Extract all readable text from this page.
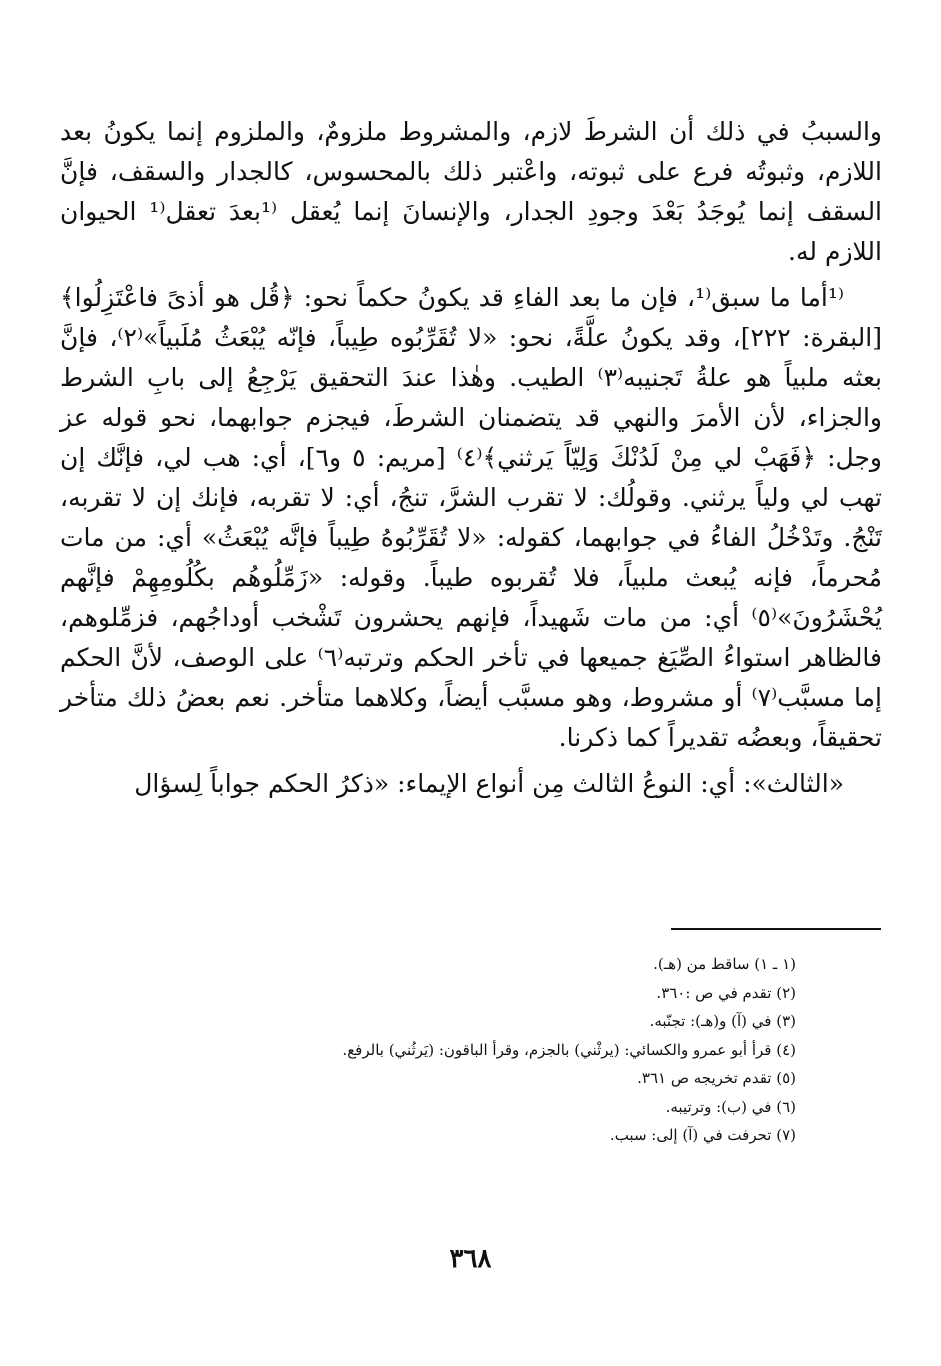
والسببُ في ذلك أن الشرطَ لازم، والمشروط ملزومٌ، والملزوم إنما يكونُ بعد اللازم، وثبوتُه فرع على ثبوته، واعْتبر ذلك بالمحسوس، كالجدار والسقف، فإنَّ السقف إنما يُوجَدُ بَعْدَ وجودِ الجدار، والإنسانَ إنما يُعقل ⁽¹بعدَ تعقل⁽¹ الحيوان اللازم له.

⁽¹أما ما سبق⁽¹، فإن ما بعد الفاءِ قد يكونُ حكماً نحو: ﴿قُل هو أذىً فاعْتَزِلُوا﴾ [البقرة: ٢٢٢]، وقد يكونُ علَّةً، نحو: «لا تُقَرِّبُوه طِيباً، فإنّه يُبْعَثُ مُلَبياً»⁽٢⁾، فإنَّ بعثه ملبياً هو علةُ تَجنيبه⁽٣⁾ الطيب. وهٰذا عندَ التحقيق يَرْجِعُ إلى بابِ الشرط والجزاء، لأن الأمرَ والنهي قد يتضمنان الشرطَ، فيجزم جوابهما، نحو قوله عز وجل: ﴿فَهَبْ لي مِنْ لَدُنْكَ وَلِيّاً يَرثني﴾⁽٤⁾ [مريم: ٥ و٦]، أي: هب لي، فإنَّك إن تهب لي ولياً يرثني. وقولُك: لا تقرب الشرَّ، تنجُ، أي: لا تقربه، فإنك إن لا تقربه، تَنْجُ. وتَدْخُلُ الفاءُ في جوابهما، كقوله: «لا تُقَرِّبُوهُ طِيباً فإنَّه يُبْعَثُ» أي: من مات مُحرماً، فإنه يُبعث ملبياً، فلا تُقربوه طيباً. وقوله: «زَمِّلُوهُم بكُلُومِهِمْ فإنَّهم يُحْشَرُونَ»⁽٥⁾ أي: من مات شَهيداً، فإنهم يحشرون تَشْخب أوداجُهم، فزمِّلوهم، فالظاهر استواءُ الصِّيَغ جميعها في تأخر الحكم وترتبه⁽٦⁾ على الوصف، لأنَّ الحكم إما مسبَّب⁽٧⁾ أو مشروط، وهو مسبَّب أيضاً، وكلاهما متأخر. نعم بعضُ ذلك متأخر تحقيقاً، وبعضُه تقديراً كما ذكرنا.

«الثالث»: أي: النوعُ الثالث مِن أنواع الإيماء: «ذكرُ الحكم جواباً لِسؤال

(١ ـ ١) ساقط من (هـ).
(٢) تقدم في ص :٣٦٠.
(٣) في (آ) و(هـ): تجنّبه.
(٤) قرأ أبو عمرو والكسائي: (يرثْني) بالجزم، وقرأ الباقون: (يَرثُني) بالرفع.
(٥) تقدم تخريجه ص ٣٦١.
(٦) في (ب): وترتيبه.
(٧) تحرفت في (آ) إلى: سبب.
٣٦٨
